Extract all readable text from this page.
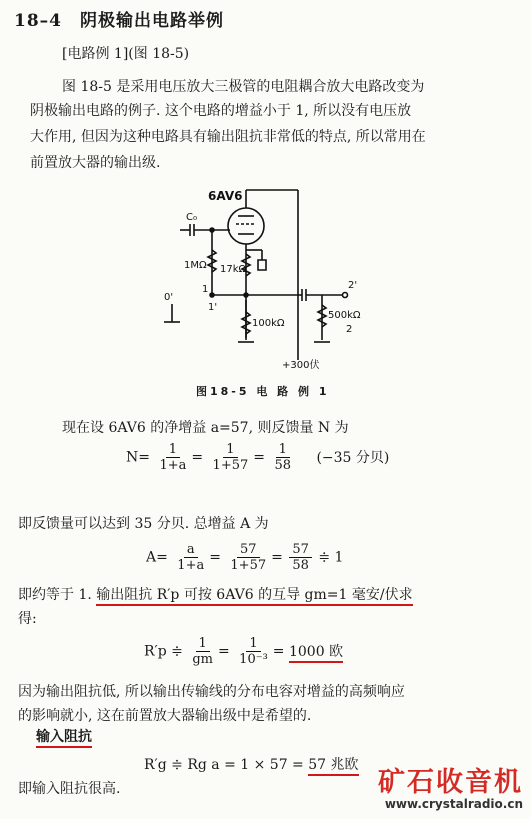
18–4　阴极输出电路举例
[电路例 1](图 18-5)
图 18-5 是采用电压放大三极管的电阻耦合放大电路改变为
阴极输出电路的例子. 这个电路的增益小于 1, 所以没有电压放
大作用, 但因为这种电路具有输出阻抗非常低的特点, 所以常用在
前置放大器的输出级.
6AV6
C₀
1MΩ 17kΩ
100kΩ
500kΩ
2'
2
1
1'
0'
+300伏
图18-5 电 路 例 1
现在设 6AV6 的净增益 a=57, 则反馈量 N 为
$N= \frac{1}{1+a} = \frac{1}{1+57} = \frac{1}{58} (-35$ 分贝)
即反馈量可以达到 35 分贝. 总增益 A 为
$A= \frac{a}{1+a} = \frac{57}{1+57} = \frac{57}{58}$ ≑ 1
即约等于 1. 输出阻抗 R′p 可按 6AV6 的互导 gm=1 毫安/伏求
得:
R′p ≑ $\frac{1}{gm} = \frac{1}{\text{10⁻³}} = 1000$ 欧
因为输出阻抗低, 所以输出传输线的分布电容对增益的高频响应
的影响就小, 这在前置放大器输出级中是希望的.
输入阻抗
R′g ≑ Rg a = 1 × 57 = 57 兆欧
即输入阻抗很高.	矿石收音机
www.crystalradio.cn
